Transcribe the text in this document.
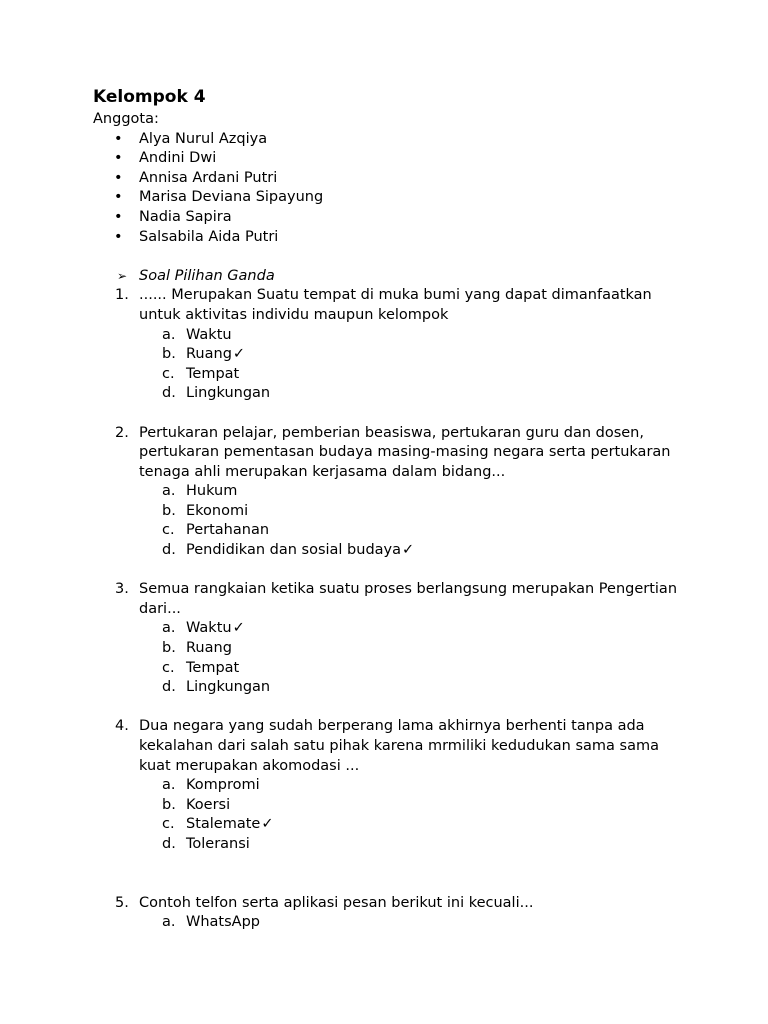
Kelompok 4
Anggota:
• Alya Nurul Azqiya
• Andini Dwi
• Annisa Ardani Putri
• Marisa Deviana Sipayung
• Nadia Sapira
• Salsabila Aida Putri
➢ Soal Pilihan Ganda
1. ...... Merupakan Suatu tempat di muka bumi yang dapat dimanfaatkan untuk aktivitas individu maupun kelompok
a. Waktu
b. Ruang✓
c. Tempat
d. Lingkungan
2. Pertukaran pelajar, pemberian beasiswa, pertukaran guru dan dosen, pertukaran pementasan budaya masing-masing negara serta pertukaran tenaga ahli merupakan kerjasama dalam bidang...
a. Hukum
b. Ekonomi
c. Pertahanan
d. Pendidikan dan sosial budaya✓
3. Semua rangkaian ketika suatu proses berlangsung merupakan Pengertian dari...
a. Waktu✓
b. Ruang
c. Tempat
d. Lingkungan
4. Dua negara yang sudah berperang lama akhirnya berhenti tanpa ada kekalahan dari salah satu pihak karena mrmiliki kedudukan sama sama kuat merupakan akomodasi ...
a. Kompromi
b. Koersi
c. Stalemate✓
d. Toleransi
5. Contoh telfon serta aplikasi pesan berikut ini kecuali...
a. WhatsApp
